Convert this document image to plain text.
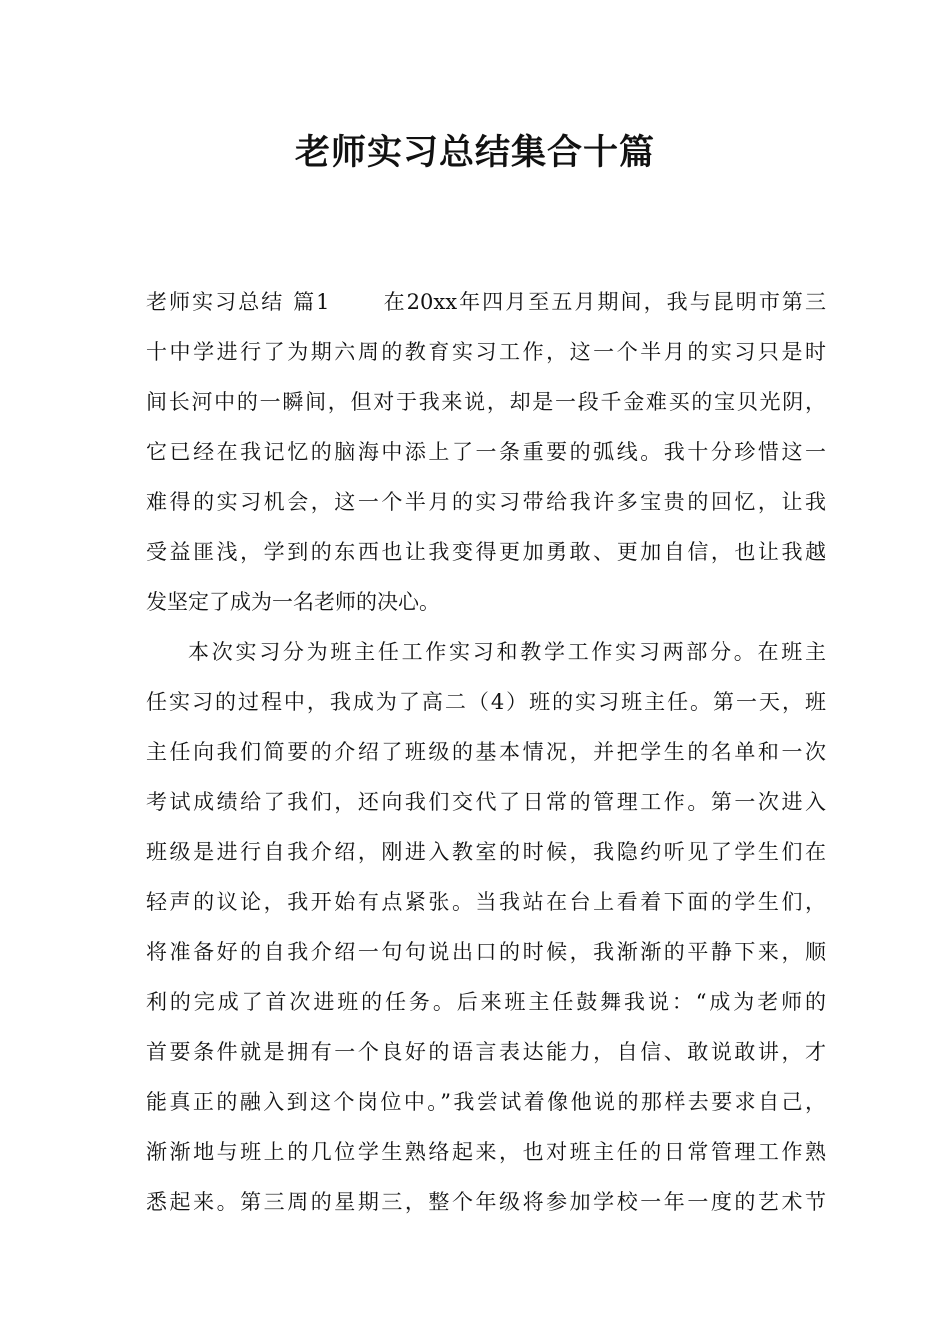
老师实习总结集合十篇
老师实习总结 篇1 在20xx年四月至五月期间，我与昆明市第三
十中学进行了为期六周的教育实习工作，这一个半月的实习只是时
间长河中的一瞬间，但对于我来说，却是一段千金难买的宝贝光阴，
它已经在我记忆的脑海中添上了一条重要的弧线。我十分珍惜这一
难得的实习机会，这一个半月的实习带给我许多宝贵的回忆，让我
受益匪浅，学到的东西也让我变得更加勇敢、更加自信，也让我越
发坚定了成为一名老师的决心。
本次实习分为班主任工作实习和教学工作实习两部分。在班主
任实习的过程中，我成为了高二（4）班的实习班主任。第一天，班
主任向我们简要的介绍了班级的基本情况，并把学生的名单和一次
考试成绩给了我们，还向我们交代了日常的管理工作。第一次进入
班级是进行自我介绍，刚进入教室的时候，我隐约听见了学生们在
轻声的议论，我开始有点紧张。当我站在台上看着下面的学生们，
将准备好的自我介绍一句句说出口的时候，我渐渐的平静下来，顺
利的完成了首次进班的任务。后来班主任鼓舞我说：“成为老师的
首要条件就是拥有一个良好的语言表达能力，自信、敢说敢讲，才
能真正的融入到这个岗位中。”我尝试着像他说的那样去要求自己，
渐渐地与班上的几位学生熟络起来，也对班主任的日常管理工作熟
悉起来。第三周的星期三，整个年级将参加学校一年一度的艺术节
